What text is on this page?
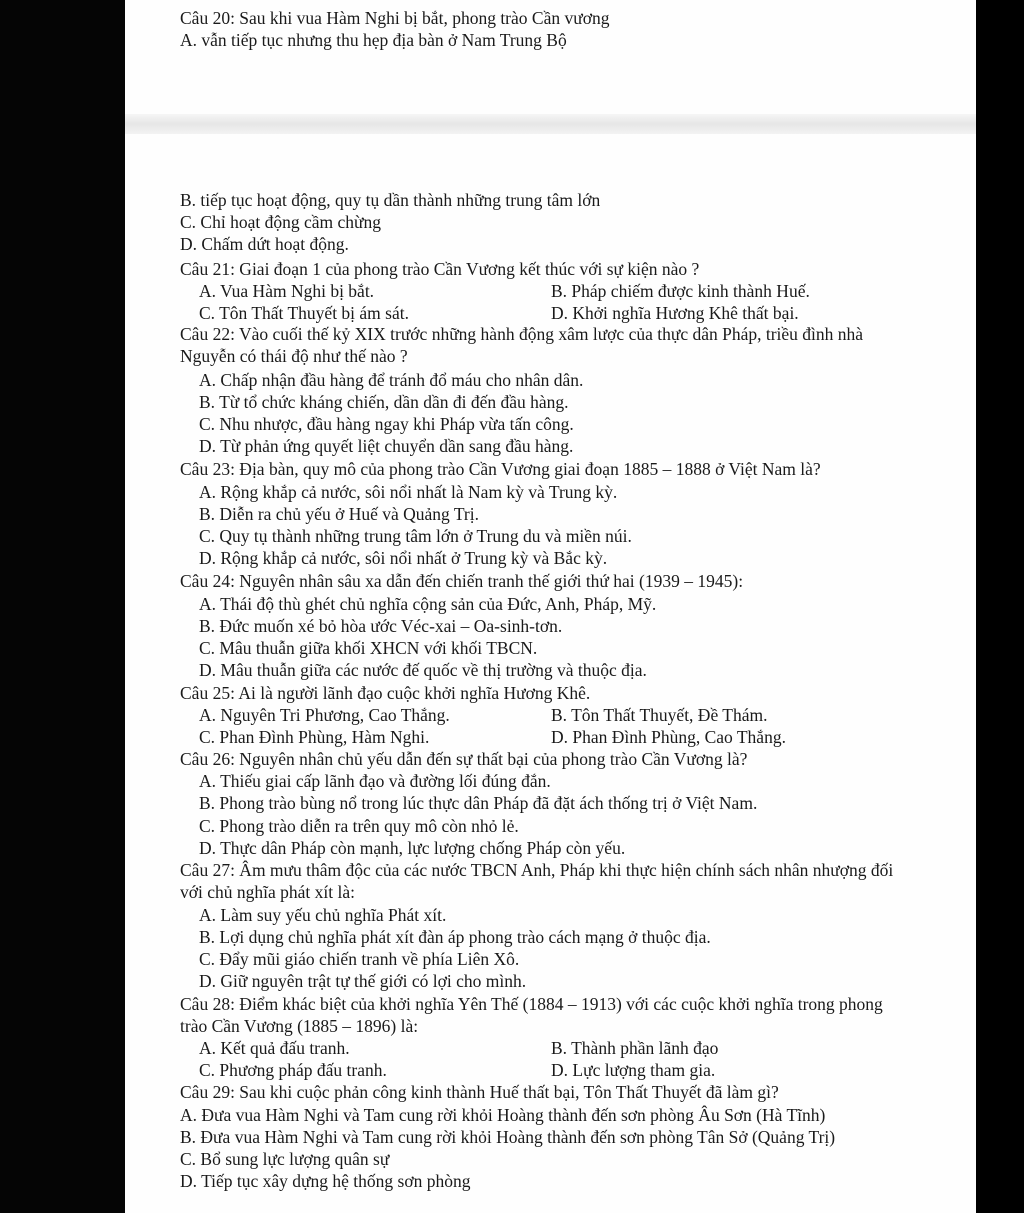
Câu 20: Sau khi vua Hàm Nghi bị bắt, phong trào Cần vương

A. vẫn tiếp tục nhưng thu hẹp địa bàn ở Nam Trung Bộ

B. tiếp tục hoạt động, quy tụ dần thành những trung tâm lớn

C. Chỉ hoạt động cầm chừng

D. Chấm dứt hoạt động.

Câu 21: Giai đoạn 1 của phong trào Cần Vương kết thúc với sự kiện nào ?

A. Vua Hàm Nghi bị bắt.	B. Pháp chiếm được kinh thành Huế.

C. Tôn Thất Thuyết bị ám sát.	D. Khởi nghĩa Hương Khê thất bại.

Câu 22: Vào cuối thế kỷ XIX trước những hành động xâm lược của thực dân Pháp, triều đình nhà

Nguyễn có thái độ như thế nào ?

A. Chấp nhận đầu hàng để tránh đổ máu cho nhân dân.

B. Từ tổ chức kháng chiến, dần dần đi đến đầu hàng.

C. Nhu nhược, đầu hàng ngay khi Pháp vừa tấn công.

D. Từ phản ứng quyết liệt chuyển dần sang đầu hàng.

Câu 23: Địa bàn, quy mô của phong trào Cần Vương giai đoạn 1885 – 1888 ở Việt Nam là?

A. Rộng khắp cả nước, sôi nổi nhất là Nam kỳ và Trung kỳ.

B. Diễn ra chủ yếu ở Huế và Quảng Trị.

C. Quy tụ thành những trung tâm lớn ở Trung du và miền núi.

D. Rộng khắp cả nước, sôi nổi nhất ở Trung kỳ và Bắc kỳ.

Câu 24: Nguyên nhân sâu xa dẫn đến chiến tranh thế giới thứ hai (1939 – 1945):

A. Thái độ thù ghét chủ nghĩa cộng sản của Đức, Anh, Pháp, Mỹ.

B. Đức muốn xé bỏ hòa ước Véc-xai – Oa-sinh-tơn.

C. Mâu thuẫn giữa khối XHCN với khối TBCN.

D. Mâu thuẫn giữa các nước đế quốc về thị trường và thuộc địa.

Câu 25: Ai là người lãnh đạo cuộc khởi nghĩa Hương Khê.

A. Nguyên Tri Phương, Cao Thắng.	B. Tôn Thất Thuyết, Đề Thám.

C. Phan Đình Phùng, Hàm Nghi.	D. Phan Đình Phùng, Cao Thắng.

Câu 26: Nguyên nhân chủ yếu dẫn đến sự thất bại của phong trào Cần Vương là?

A. Thiếu giai cấp lãnh đạo và đường lối đúng đắn.

B. Phong trào bùng nổ trong lúc thực dân Pháp đã đặt ách thống trị ở Việt Nam.

C. Phong trào diễn ra trên quy mô còn nhỏ lẻ.

D. Thực dân Pháp còn mạnh, lực lượng chống Pháp còn yếu.

Câu 27: Âm mưu thâm độc của các nước TBCN Anh, Pháp khi thực hiện chính sách nhân nhượng đối

với chủ nghĩa phát xít là:

A. Làm suy yếu chủ nghĩa Phát xít.

B. Lợi dụng chủ nghĩa phát xít đàn áp phong trào cách mạng ở thuộc địa.

C. Đẩy mũi giáo chiến tranh về phía Liên Xô.

D. Giữ nguyên trật tự thế giới có lợi cho mình.

Câu 28: Điểm khác biệt của khởi nghĩa Yên Thế (1884 – 1913) với các cuộc khởi nghĩa trong phong

trào Cần Vương (1885 – 1896) là:

A. Kết quả đấu tranh.	B. Thành phần lãnh đạo

C. Phương pháp đấu tranh.	D. Lực lượng tham gia.

Câu 29: Sau khi cuộc phản công kinh thành Huế thất bại, Tôn Thất Thuyết đã làm gì?

A. Đưa vua Hàm Nghi và Tam cung rời khỏi Hoàng thành đến sơn phòng Âu Sơn (Hà Tĩnh)

B. Đưa vua Hàm Nghi và Tam cung rời khỏi Hoàng thành đến sơn phòng Tân Sở (Quảng Trị)

C. Bổ sung lực lượng quân sự

D. Tiếp tục xây dựng hệ thống sơn phòng
